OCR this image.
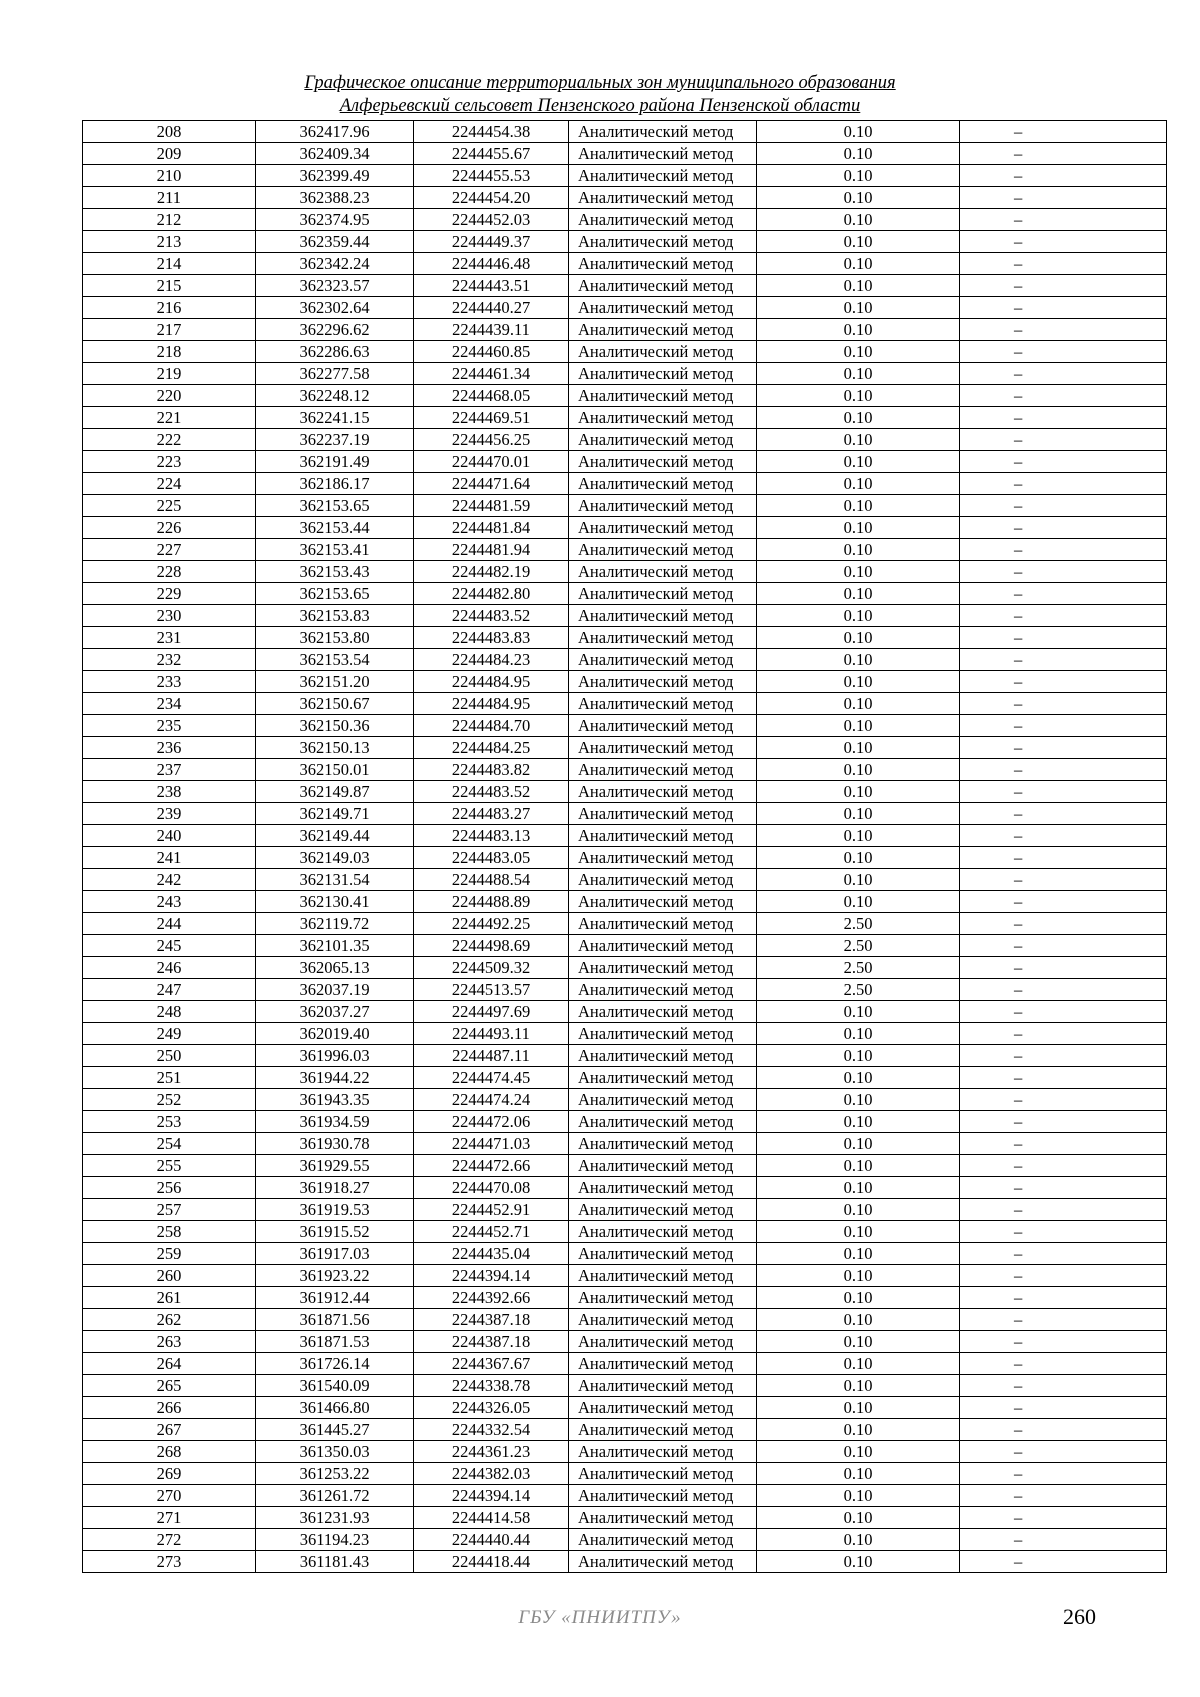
Графическое описание территориальных зон муниципального образования
Алферьевский сельсовет Пензенского района Пензенской области
208	362417.96	2244454.38	Аналитический метод	0.10	–
209	362409.34	2244455.67	Аналитический метод	0.10	–
210	362399.49	2244455.53	Аналитический метод	0.10	–
211	362388.23	2244454.20	Аналитический метод	0.10	–
212	362374.95	2244452.03	Аналитический метод	0.10	–
213	362359.44	2244449.37	Аналитический метод	0.10	–
214	362342.24	2244446.48	Аналитический метод	0.10	–
215	362323.57	2244443.51	Аналитический метод	0.10	–
216	362302.64	2244440.27	Аналитический метод	0.10	–
217	362296.62	2244439.11	Аналитический метод	0.10	–
218	362286.63	2244460.85	Аналитический метод	0.10	–
219	362277.58	2244461.34	Аналитический метод	0.10	–
220	362248.12	2244468.05	Аналитический метод	0.10	–
221	362241.15	2244469.51	Аналитический метод	0.10	–
222	362237.19	2244456.25	Аналитический метод	0.10	–
223	362191.49	2244470.01	Аналитический метод	0.10	–
224	362186.17	2244471.64	Аналитический метод	0.10	–
225	362153.65	2244481.59	Аналитический метод	0.10	–
226	362153.44	2244481.84	Аналитический метод	0.10	–
227	362153.41	2244481.94	Аналитический метод	0.10	–
228	362153.43	2244482.19	Аналитический метод	0.10	–
229	362153.65	2244482.80	Аналитический метод	0.10	–
230	362153.83	2244483.52	Аналитический метод	0.10	–
231	362153.80	2244483.83	Аналитический метод	0.10	–
232	362153.54	2244484.23	Аналитический метод	0.10	–
233	362151.20	2244484.95	Аналитический метод	0.10	–
234	362150.67	2244484.95	Аналитический метод	0.10	–
235	362150.36	2244484.70	Аналитический метод	0.10	–
236	362150.13	2244484.25	Аналитический метод	0.10	–
237	362150.01	2244483.82	Аналитический метод	0.10	–
238	362149.87	2244483.52	Аналитический метод	0.10	–
239	362149.71	2244483.27	Аналитический метод	0.10	–
240	362149.44	2244483.13	Аналитический метод	0.10	–
241	362149.03	2244483.05	Аналитический метод	0.10	–
242	362131.54	2244488.54	Аналитический метод	0.10	–
243	362130.41	2244488.89	Аналитический метод	0.10	–
244	362119.72	2244492.25	Аналитический метод	2.50	–
245	362101.35	2244498.69	Аналитический метод	2.50	–
246	362065.13	2244509.32	Аналитический метод	2.50	–
247	362037.19	2244513.57	Аналитический метод	2.50	–
248	362037.27	2244497.69	Аналитический метод	0.10	–
249	362019.40	2244493.11	Аналитический метод	0.10	–
250	361996.03	2244487.11	Аналитический метод	0.10	–
251	361944.22	2244474.45	Аналитический метод	0.10	–
252	361943.35	2244474.24	Аналитический метод	0.10	–
253	361934.59	2244472.06	Аналитический метод	0.10	–
254	361930.78	2244471.03	Аналитический метод	0.10	–
255	361929.55	2244472.66	Аналитический метод	0.10	–
256	361918.27	2244470.08	Аналитический метод	0.10	–
257	361919.53	2244452.91	Аналитический метод	0.10	–
258	361915.52	2244452.71	Аналитический метод	0.10	–
259	361917.03	2244435.04	Аналитический метод	0.10	–
260	361923.22	2244394.14	Аналитический метод	0.10	–
261	361912.44	2244392.66	Аналитический метод	0.10	–
262	361871.56	2244387.18	Аналитический метод	0.10	–
263	361871.53	2244387.18	Аналитический метод	0.10	–
264	361726.14	2244367.67	Аналитический метод	0.10	–
265	361540.09	2244338.78	Аналитический метод	0.10	–
266	361466.80	2244326.05	Аналитический метод	0.10	–
267	361445.27	2244332.54	Аналитический метод	0.10	–
268	361350.03	2244361.23	Аналитический метод	0.10	–
269	361253.22	2244382.03	Аналитический метод	0.10	–
270	361261.72	2244394.14	Аналитический метод	0.10	–
271	361231.93	2244414.58	Аналитический метод	0.10	–
272	361194.23	2244440.44	Аналитический метод	0.10	–
273	361181.43	2244418.44	Аналитический метод	0.10	–
ГБУ «ПНИИТПУ»	260
